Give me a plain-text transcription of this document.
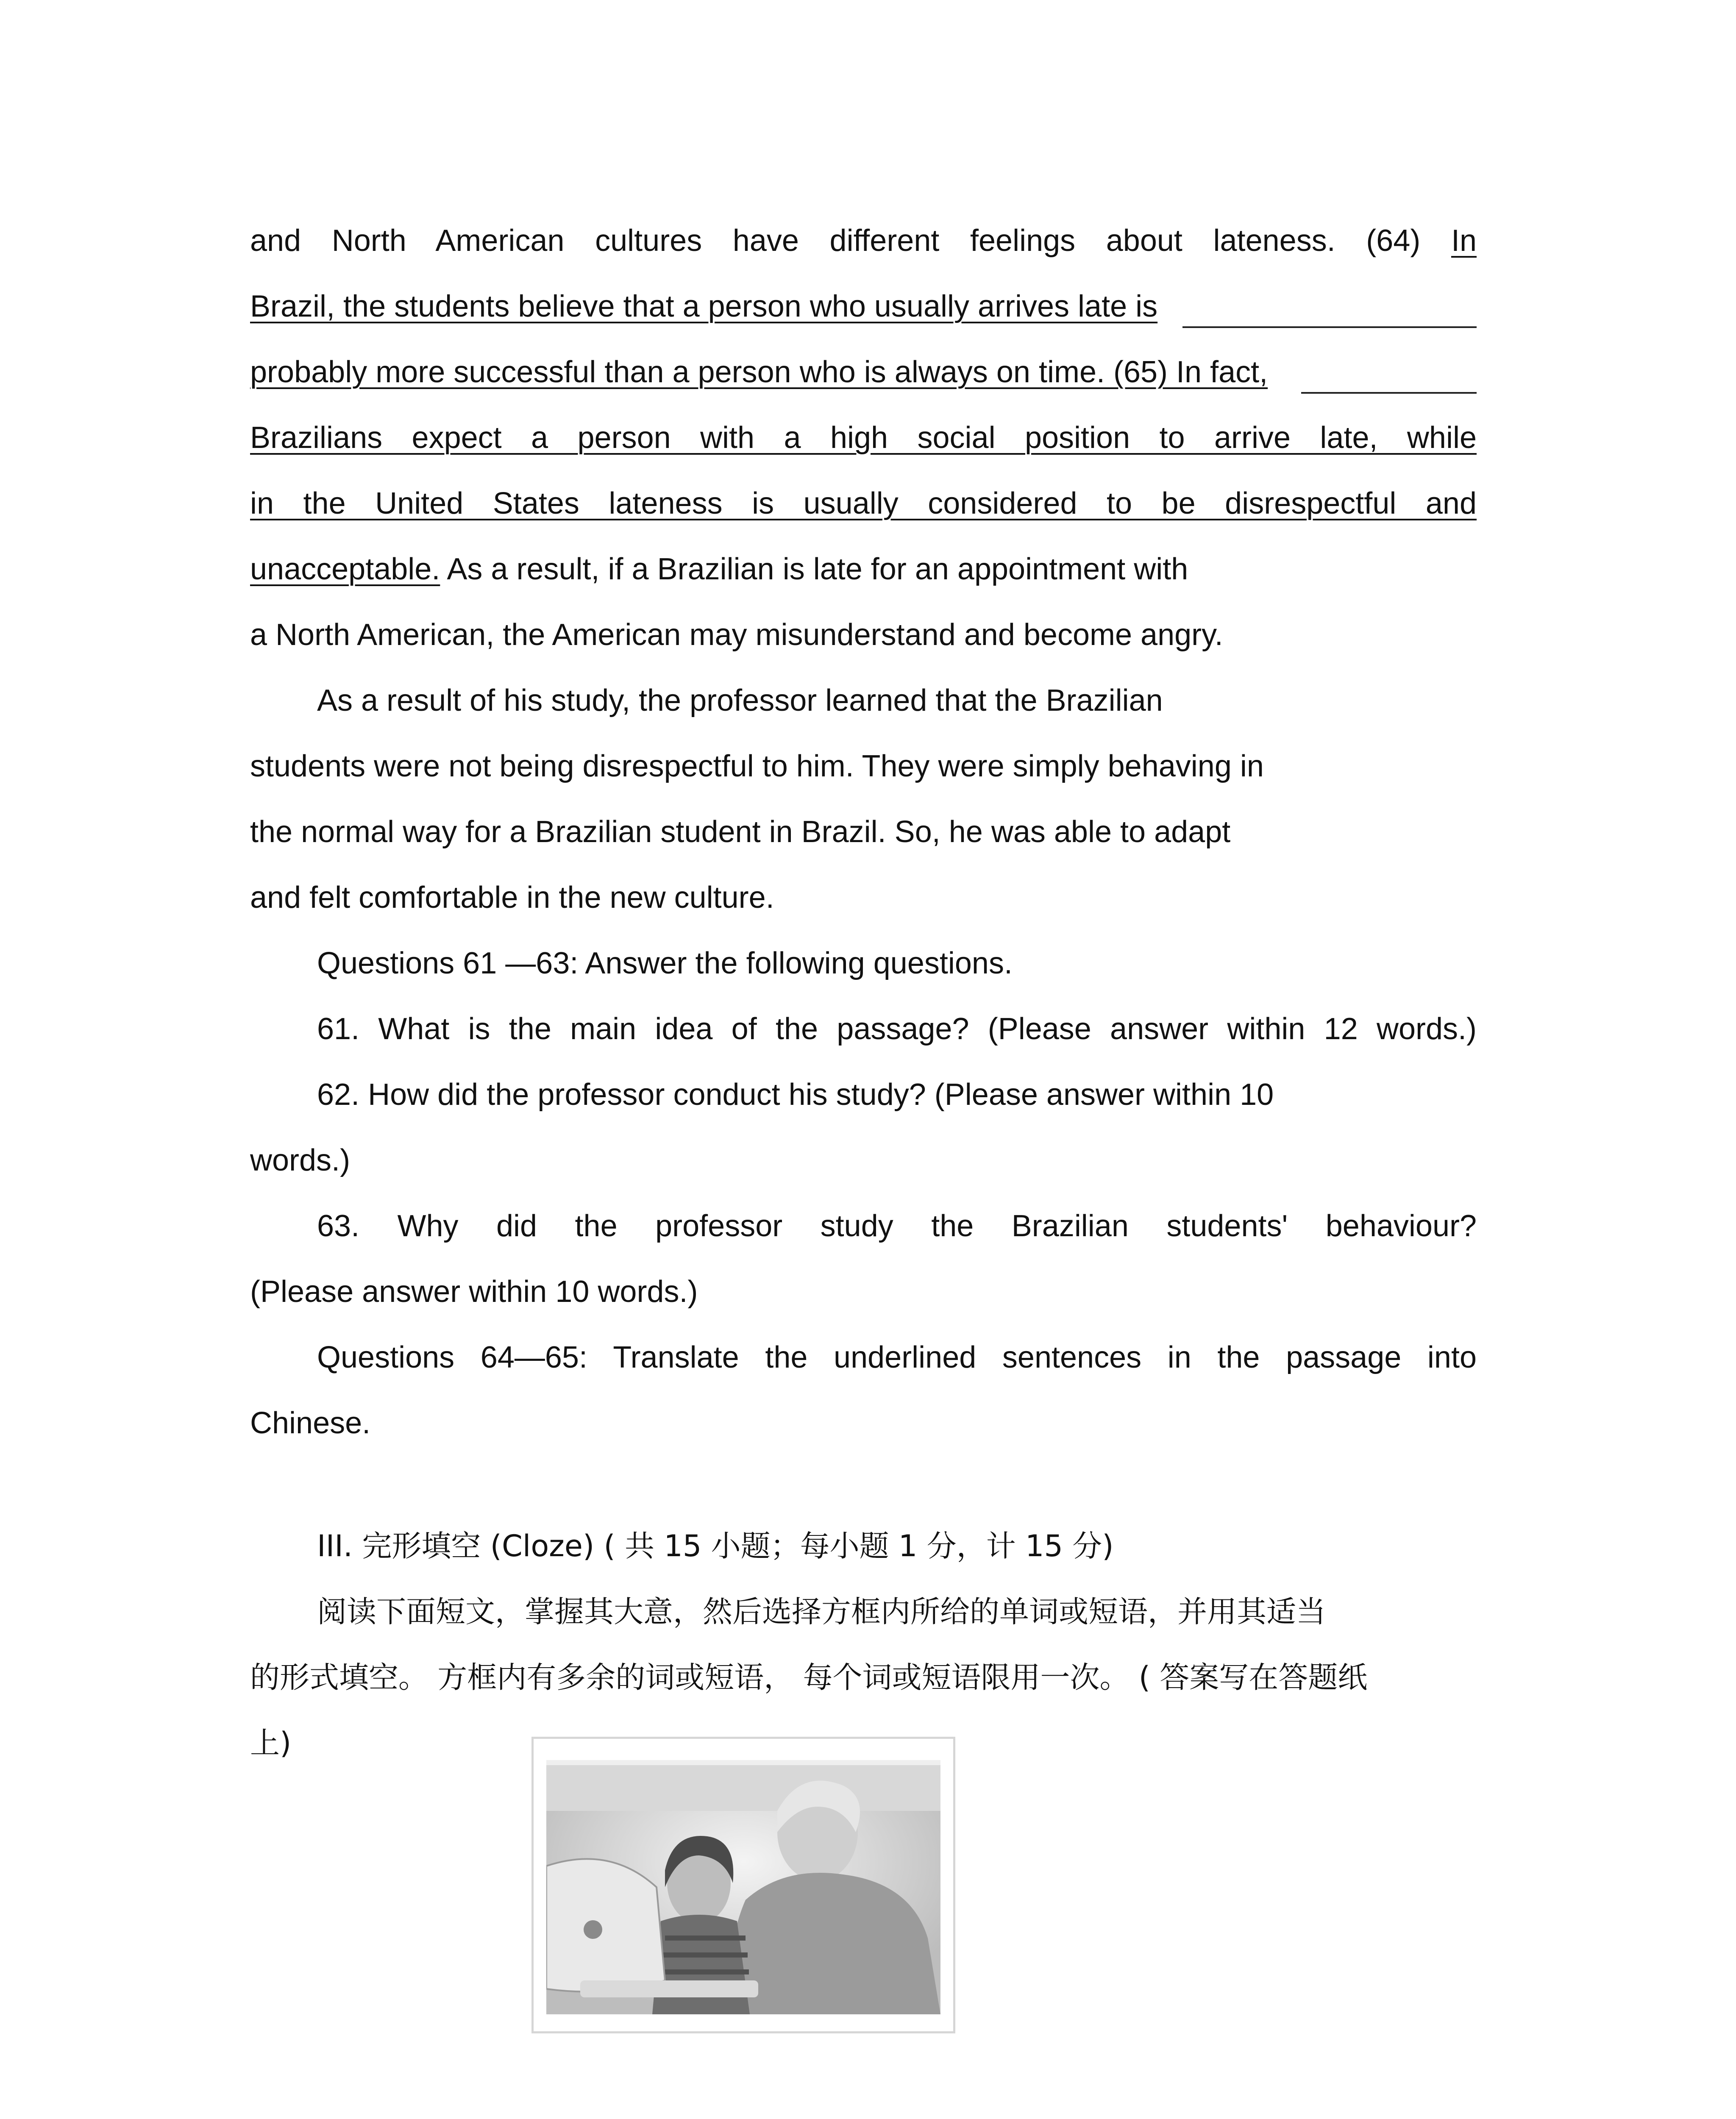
and North American cultures have different feelings about lateness. (64) In
Brazil, the students believe that a person who usually arrives late is
probably more successful than a person who is always on time. (65) In fact,
Brazilians expect a person with a high social position to arrive late, while
in the United States lateness is usually considered to be disrespectful and
unacceptable. As a result, if a Brazilian is late for an appointment with
a North American, the American may misunderstand and become angry.
As a result of his study, the professor learned that the Brazilian
students were not being disrespectful to him. They were simply behaving in
the normal way for a Brazilian student in Brazil. So, he was able to adapt
and felt comfortable in the new culture.
Questions 61 —63: Answer the following questions.
61. What is the main idea of the passage? (Please answer within 12 words.)
62. How did the professor conduct his study? (Please answer within 10
words.)
63. Why did the professor study the Brazilian students' behaviour?
(Please answer within 10 words.)
Questions 64—65: Translate the underlined sentences in the passage into
Chinese.
III. 完形填空 (Cloze) ( 共 15 小题；每小题 1 分，计 15 分)
阅读下面短文，掌握其大意，然后选择方框内所给的单词或短语，并用其适当
的形式填空。 方框内有多余的词或短语， 每个词或短语限用一次。 ( 答案写在答题纸
上)
